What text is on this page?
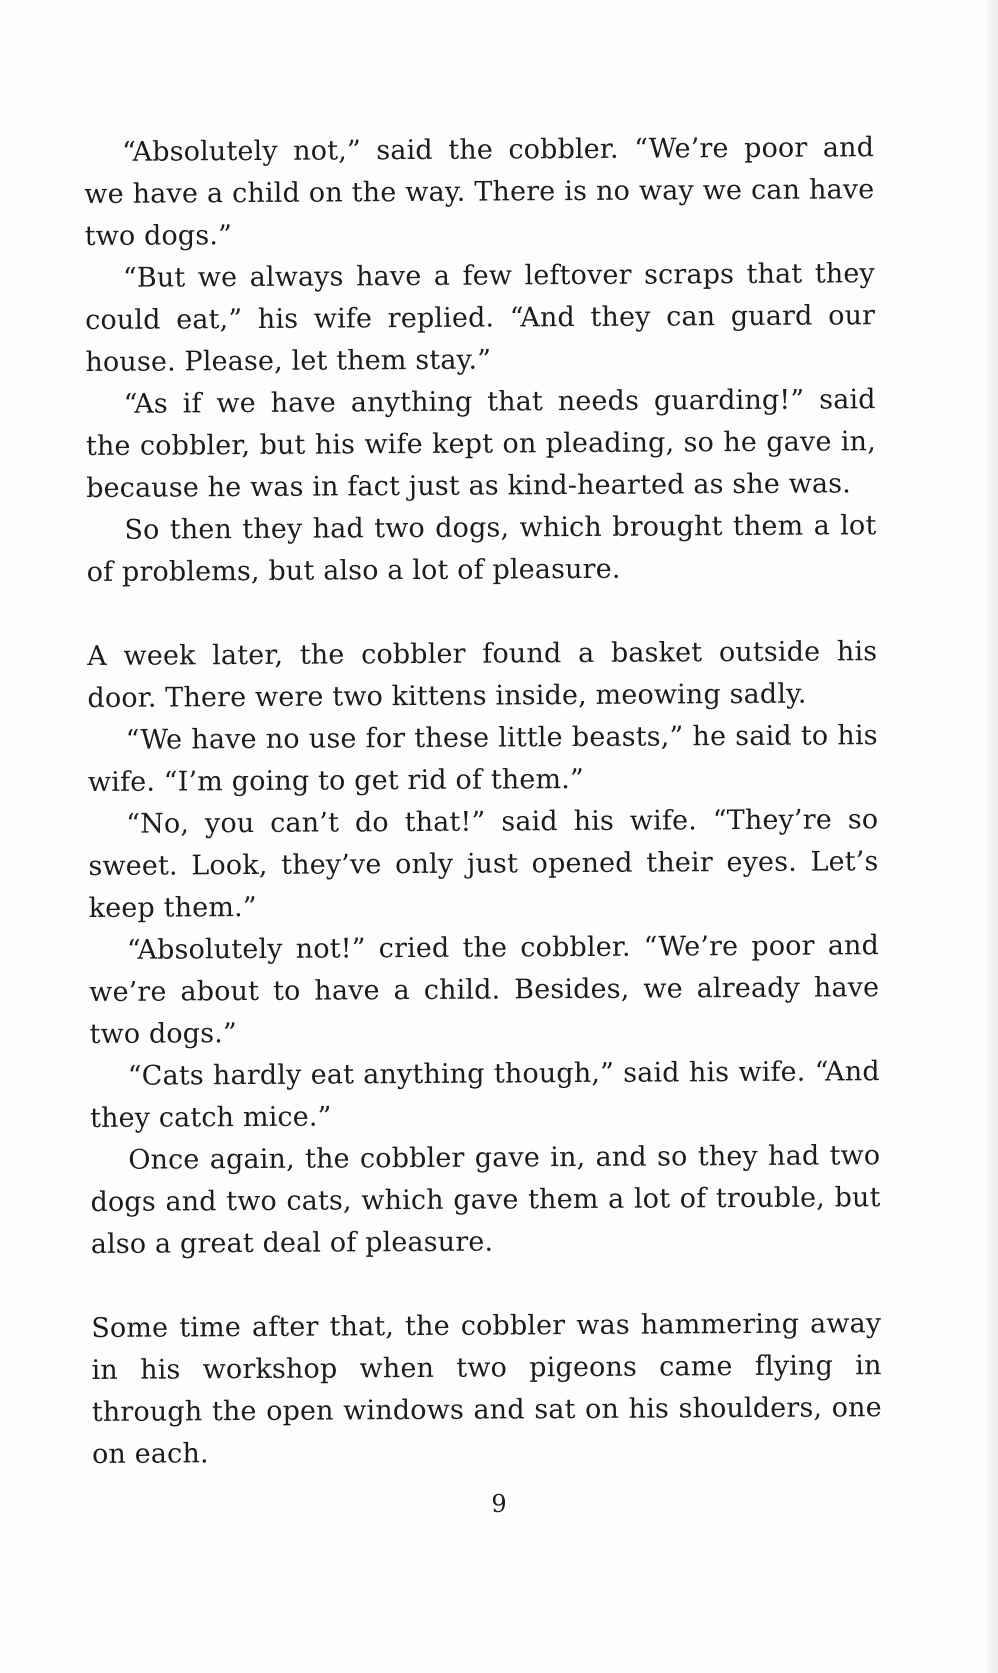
“Absolutely not,” said the cobbler. “We’re poor and we have a child on the way. There is no way we can have two dogs.”

“But we always have a few leftover scraps that they could eat,” his wife replied. “And they can guard our house. Please, let them stay.”

“As if we have anything that needs guarding!” said the cobbler, but his wife kept on pleading, so he gave in, because he was in fact just as kind-hearted as she was.

So then they had two dogs, which brought them a lot of problems, but also a lot of pleasure.

A week later, the cobbler found a basket outside his door. There were two kittens inside, meowing sadly.

“We have no use for these little beasts,” he said to his wife. “I’m going to get rid of them.”

“No, you can’t do that!” said his wife. “They’re so sweet. Look, they’ve only just opened their eyes. Let’s keep them.”

“Absolutely not!” cried the cobbler. “We’re poor and we’re about to have a child. Besides, we already have two dogs.”

“Cats hardly eat anything though,” said his wife. “And they catch mice.”

Once again, the cobbler gave in, and so they had two dogs and two cats, which gave them a lot of trouble, but also a great deal of pleasure.

Some time after that, the cobbler was hammering away in his workshop when two pigeons came flying in through the open windows and sat on his shoulders, one on each.

9
